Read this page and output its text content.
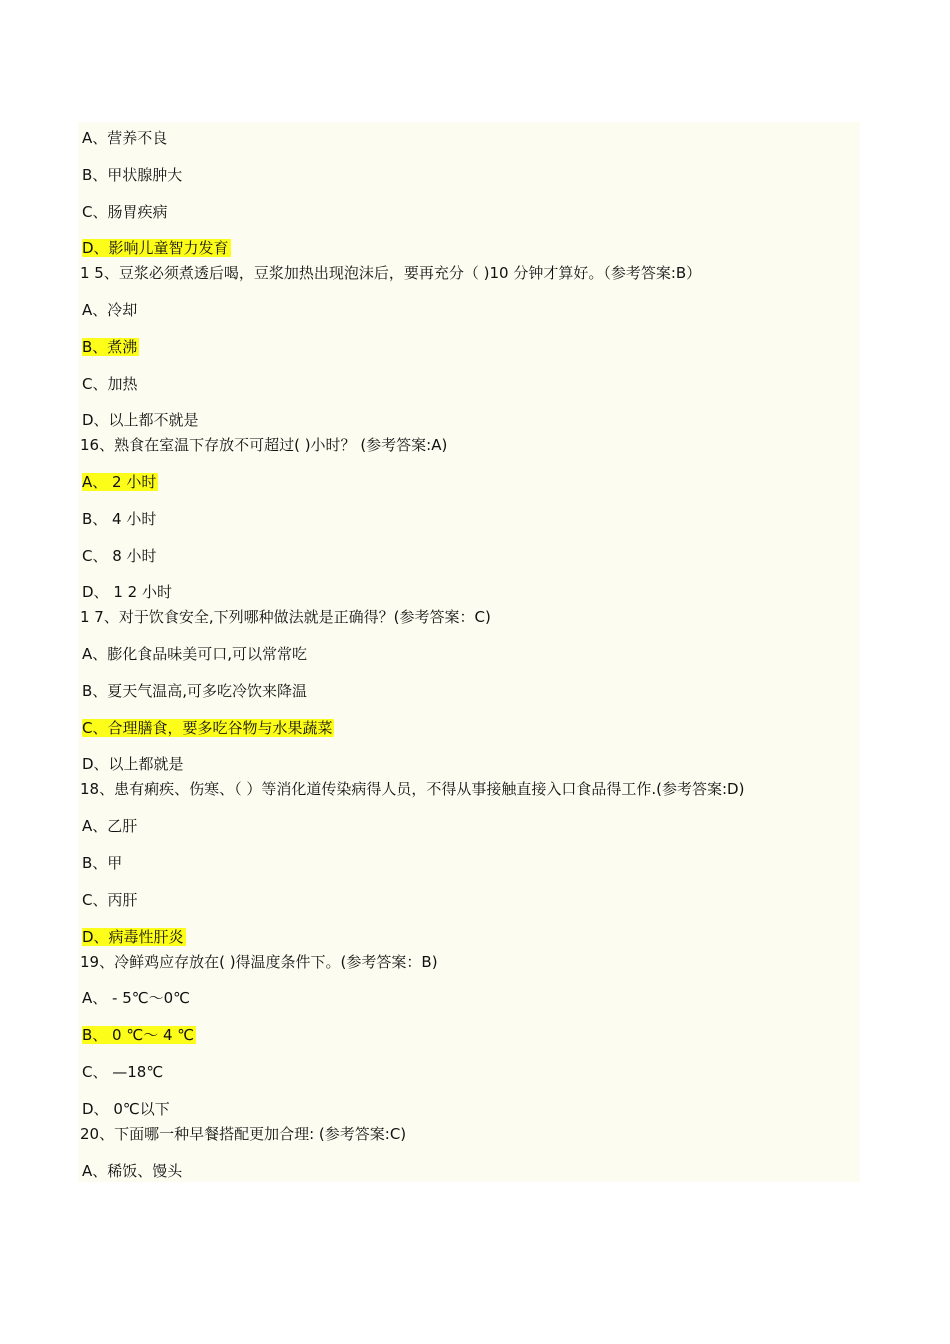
A、营养不良
B、甲状腺肿大
C、肠胃疾病
D、影响儿童智力发育
1 5、豆浆必须煮透后喝，豆浆加热出现泡沫后，要再充分（ )10 分钟才算好。（参考答案:B）
A、冷却
B、煮沸
C、加热
D、以上都不就是
16、熟食在室温下存放不可超过( )小时？ (参考答案:A)
A、 2 小时
B、 4 小时
C、 8 小时
D、 1 2 小时
1 7、对于饮食安全,下列哪种做法就是正确得？(参考答案：C)
A、膨化食品味美可口,可以常常吃
B、夏天气温高,可多吃冷饮来降温
C、合理膳食，要多吃谷物与水果蔬菜
D、以上都就是
18、患有痢疾、伤寒、（ ）等消化道传染病得人员，不得从事接触直接入口食品得工作.(参考答案:D)
A、乙肝
B、甲
C、丙肝
D、病毒性肝炎
19、冷鲜鸡应存放在( )得温度条件下。(参考答案：B)
A、 - 5℃～0℃
B、 0 ℃～ 4 ℃
C、 —18℃
D、 0℃以下
20、下面哪一种早餐搭配更加合理: (参考答案:C)
A、稀饭、馒头
